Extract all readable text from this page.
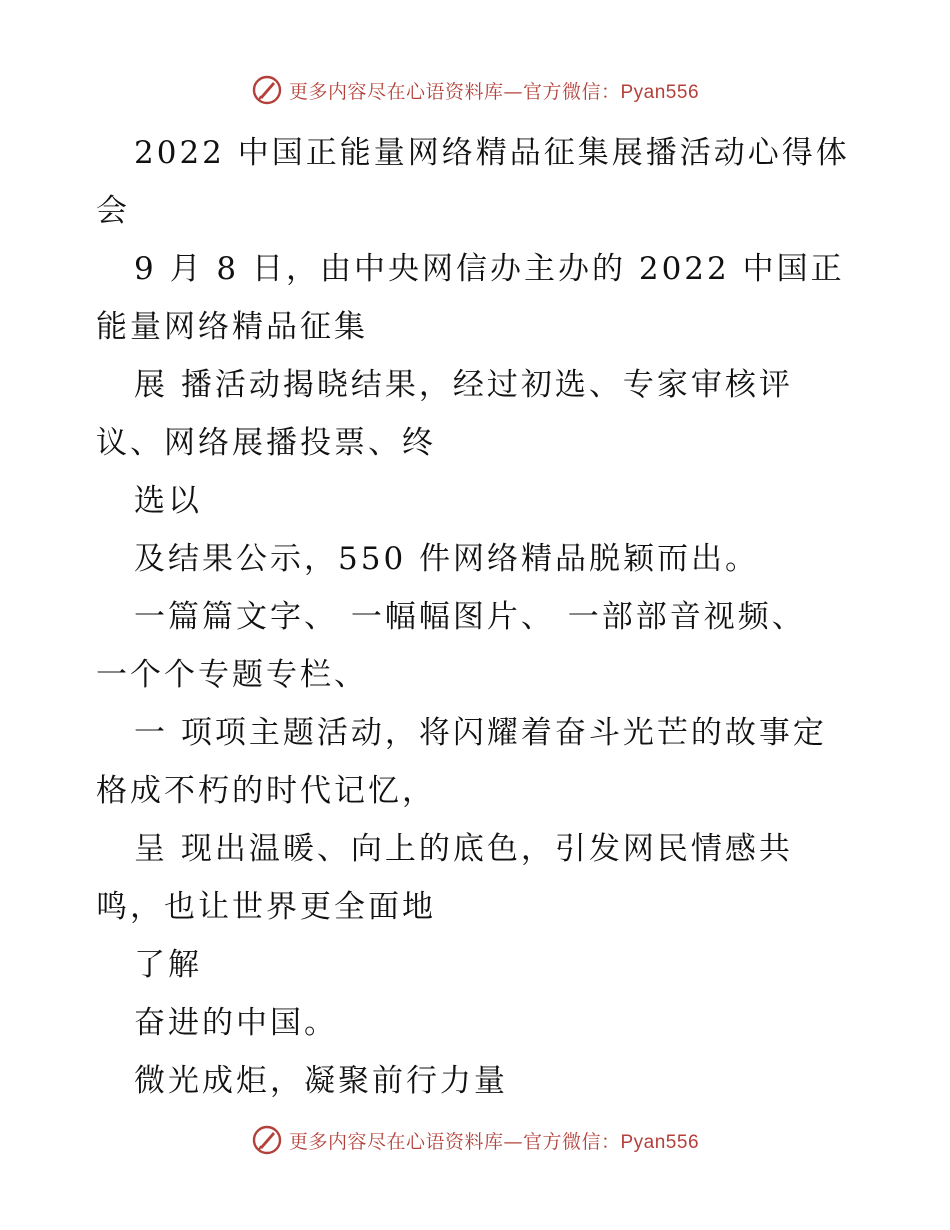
更多内容尽在心语资料库—官方微信：Pyan556
2022 中国正能量网络精品征集展播活动心得体
会
9 月 8 日，由中央网信办主办的 2022 中国正
能量网络精品征集
展 播活动揭晓结果，经过初选、专家审核评
议、网络展播投票、终
选以
及结果公示，550 件网络精品脱颖而出。
一篇篇文字、 一幅幅图片、 一部部音视频、
一个个专题专栏、
一 项项主题活动，将闪耀着奋斗光芒的故事定
格成不朽的时代记忆，
呈 现出温暖、向上的底色，引发网民情感共
鸣，也让世界更全面地
了解
奋进的中国。
微光成炬，凝聚前行力量
更多内容尽在心语资料库—官方微信：Pyan556
